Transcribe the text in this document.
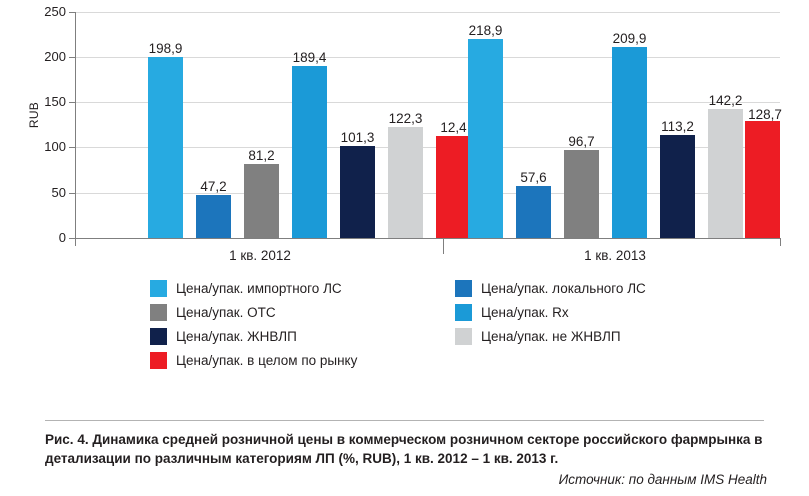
RUB
250
200
150
100
50
0
198,9
47,2
81,2
189,4
101,3
122,3
12,4
218,9
57,6
96,7
209,9
113,2
142,2
128,7
1 кв. 2012	1 кв. 2013
Цена/упак. импортного ЛС	Цена/упак. локального ЛС
Цена/упак. ОТС	Цена/упак. Rx
Цена/упак. ЖНВЛП	Цена/упак. не ЖНВЛП
Цена/упак. в целом по рынку
Рис. 4. Динамика средней розничной цены в коммерческом розничном секторе российского фармрынка в детализации по различным категориям ЛП (%, RUB), 1 кв. 2012 – 1 кв. 2013 г.
Источник: по данным IMS Health
